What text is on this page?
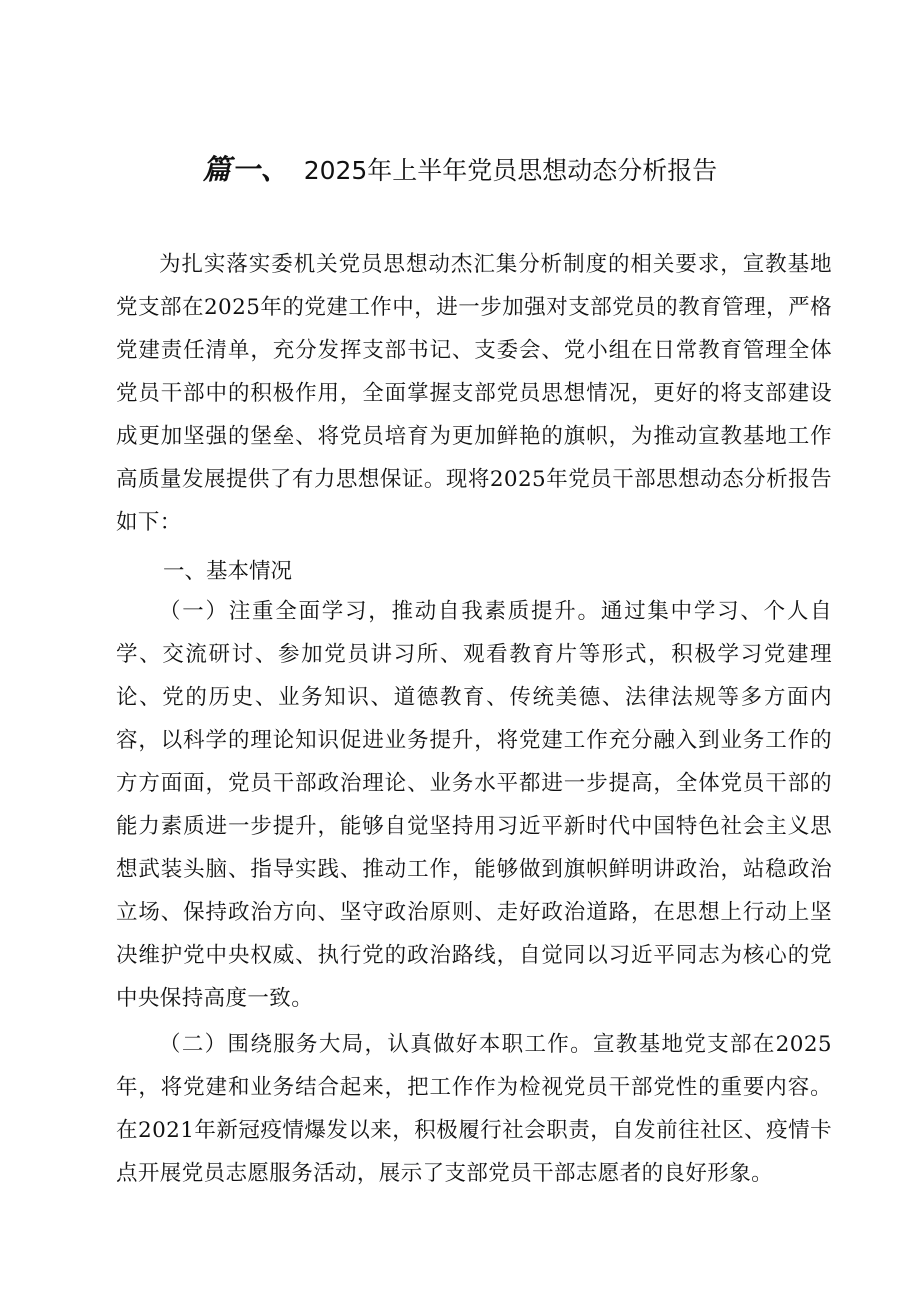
篇一、 2025年上半年党员思想动态分析报告

为扎实落实委机关党员思想动杰汇集分析制度的相关要求，宣教基地党支部在2025年的党建工作中，进一步加强对支部党员的教育管理，严格党建责任清单，充分发挥支部书记、支委会、党小组在日常教育管理全体党员干部中的积极作用，全面掌握支部党员思想情况，更好的将支部建设成更加坚强的堡垒、将党员培育为更加鲜艳的旗帜，为推动宣教基地工作高质量发展提供了有力思想保证。现将2025年党员干部思想动态分析报告如下：

一、基本情况

（一）注重全面学习，推动自我素质提升。通过集中学习、个人自学、交流研讨、参加党员讲习所、观看教育片等形式，积极学习党建理论、党的历史、业务知识、道德教育、传统美德、法律法规等多方面内容，以科学的理论知识促进业务提升，将党建工作充分融入到业务工作的方方面面，党员干部政治理论、业务水平都进一步提高，全体党员干部的能力素质进一步提升，能够自觉坚持用习近平新时代中国特色社会主义思想武装头脑、指导实践、推动工作，能够做到旗帜鲜明讲政治，站稳政治立场、保持政治方向、坚守政治原则、走好政治道路，在思想上行动上坚决维护党中央权威、执行党的政治路线，自觉同以习近平同志为核心的党中央保持高度一致。

（二）围绕服务大局，认真做好本职工作。宣教基地党支部在2025年，将党建和业务结合起来，把工作作为检视党员干部党性的重要内容。在2021年新冠疫情爆发以来，积极履行社会职责，自发前往社区、疫情卡点开展党员志愿服务活动，展示了支部党员干部志愿者的良好形象。
